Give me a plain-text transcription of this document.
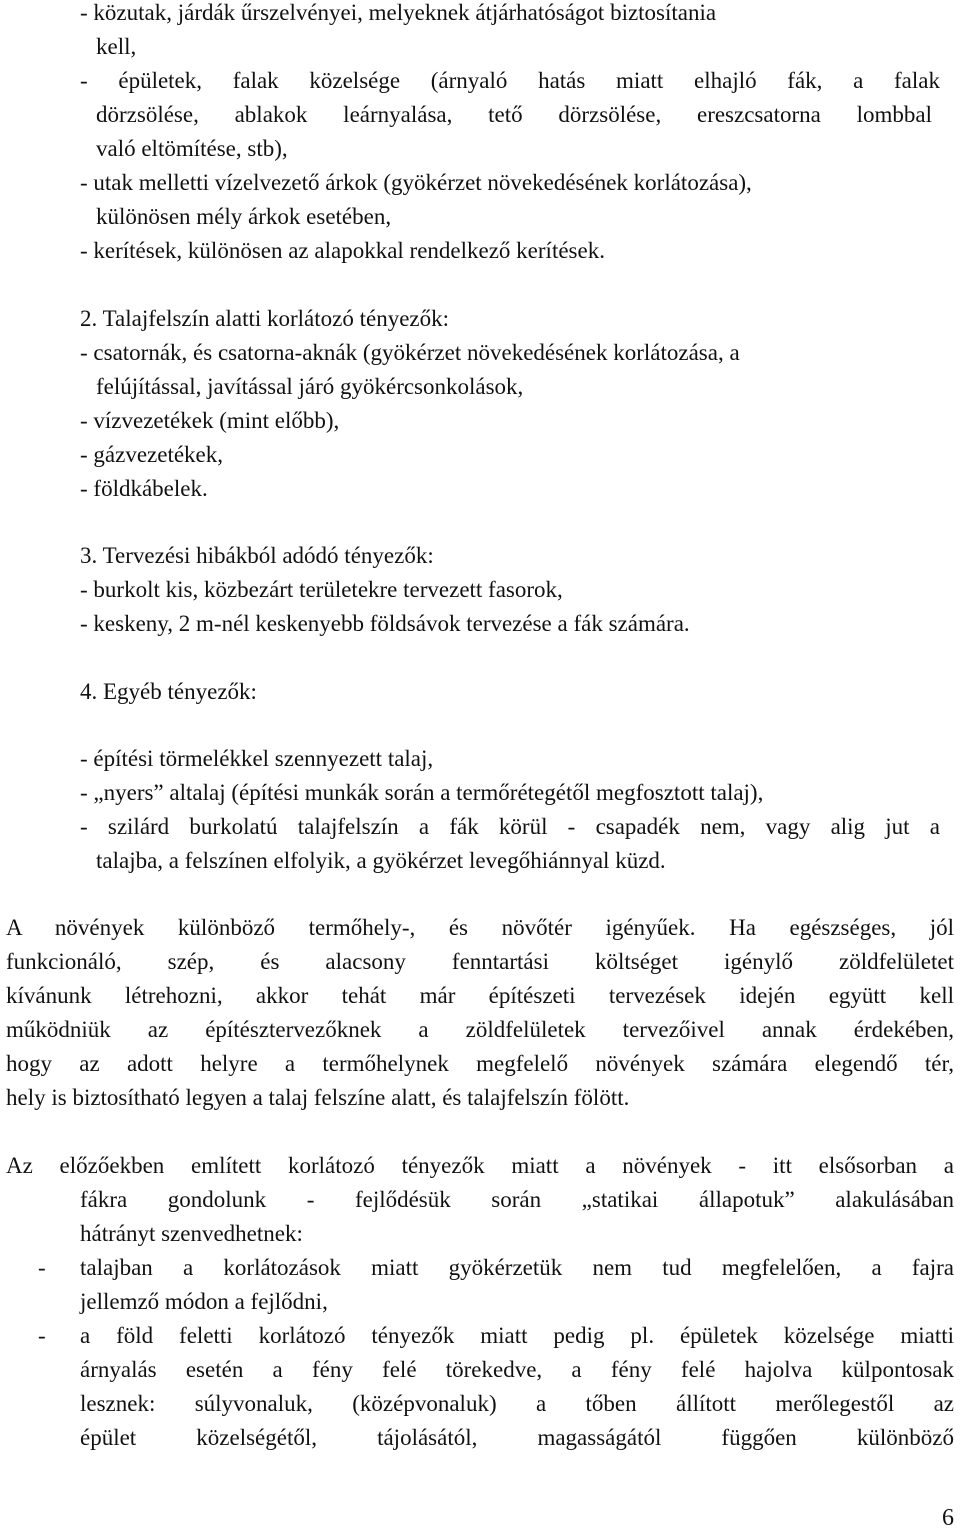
- közutak, járdák űrszelvényei, melyeknek átjárhatóságot biztosítania

kell,

- épületek, falak közelsége (árnyaló hatás miatt elhajló fák, a falak

dörzsölése, ablakok leárnyalása, tető dörzsölése, ereszcsatorna lombbal

való eltömítése, stb),

- utak melletti vízelvezető árkok (gyökérzet növekedésének korlátozása),

különösen mély árkok esetében,

- kerítések, különösen az alapokkal rendelkező kerítések.

2. Talajfelszín alatti korlátozó tényezők:

- csatornák, és csatorna-aknák (gyökérzet növekedésének korlátozása, a

felújítással, javítással járó gyökércsonkolások,

- vízvezetékek (mint előbb),

- gázvezetékek,

- földkábelek.

3. Tervezési hibákból adódó tényezők:

- burkolt kis, közbezárt területekre tervezett fasorok,

- keskeny, 2 m-nél keskenyebb földsávok tervezése a fák számára.

4. Egyéb tényezők:

- építési törmelékkel szennyezett talaj,

- „nyers” altalaj (építési munkák során a termőrétegétől megfosztott talaj),

- szilárd burkolatú talajfelszín a fák körül - csapadék nem, vagy alig jut a

talajba, a felszínen elfolyik, a gyökérzet levegőhiánnyal küzd.

A növények különböző termőhely-, és növőtér igényűek. Ha egészséges, jól

funkcionáló, szép, és alacsony fenntartási költséget igénylő zöldfelületet

kívánunk létrehozni, akkor tehát már építészeti tervezések idején együtt kell

működniük az építésztervezőknek a zöldfelületek tervezőivel annak érdekében,

hogy az adott helyre a termőhelynek megfelelő növények számára elegendő tér,

hely is biztosítható legyen a talaj felszíne alatt, és talajfelszín fölött.

Az előzőekben említett korlátozó tényezők miatt a növények - itt elsősorban a

fákra gondolunk - fejlődésük során „statikai állapotuk” alakulásában

hátrányt szenvedhetnek:

- talajban a korlátozások miatt gyökérzetük nem tud megfelelően, a fajra

jellemző módon a fejlődni,

- a föld feletti korlátozó tényezők miatt pedig pl. épületek közelsége miatti

árnyalás esetén a fény felé törekedve, a fény felé hajolva külpontosak

lesznek: súlyvonaluk, (középvonaluk) a tőben állított merőlegestől az

épület közelségétől, tájolásától, magasságától függően különböző

6
